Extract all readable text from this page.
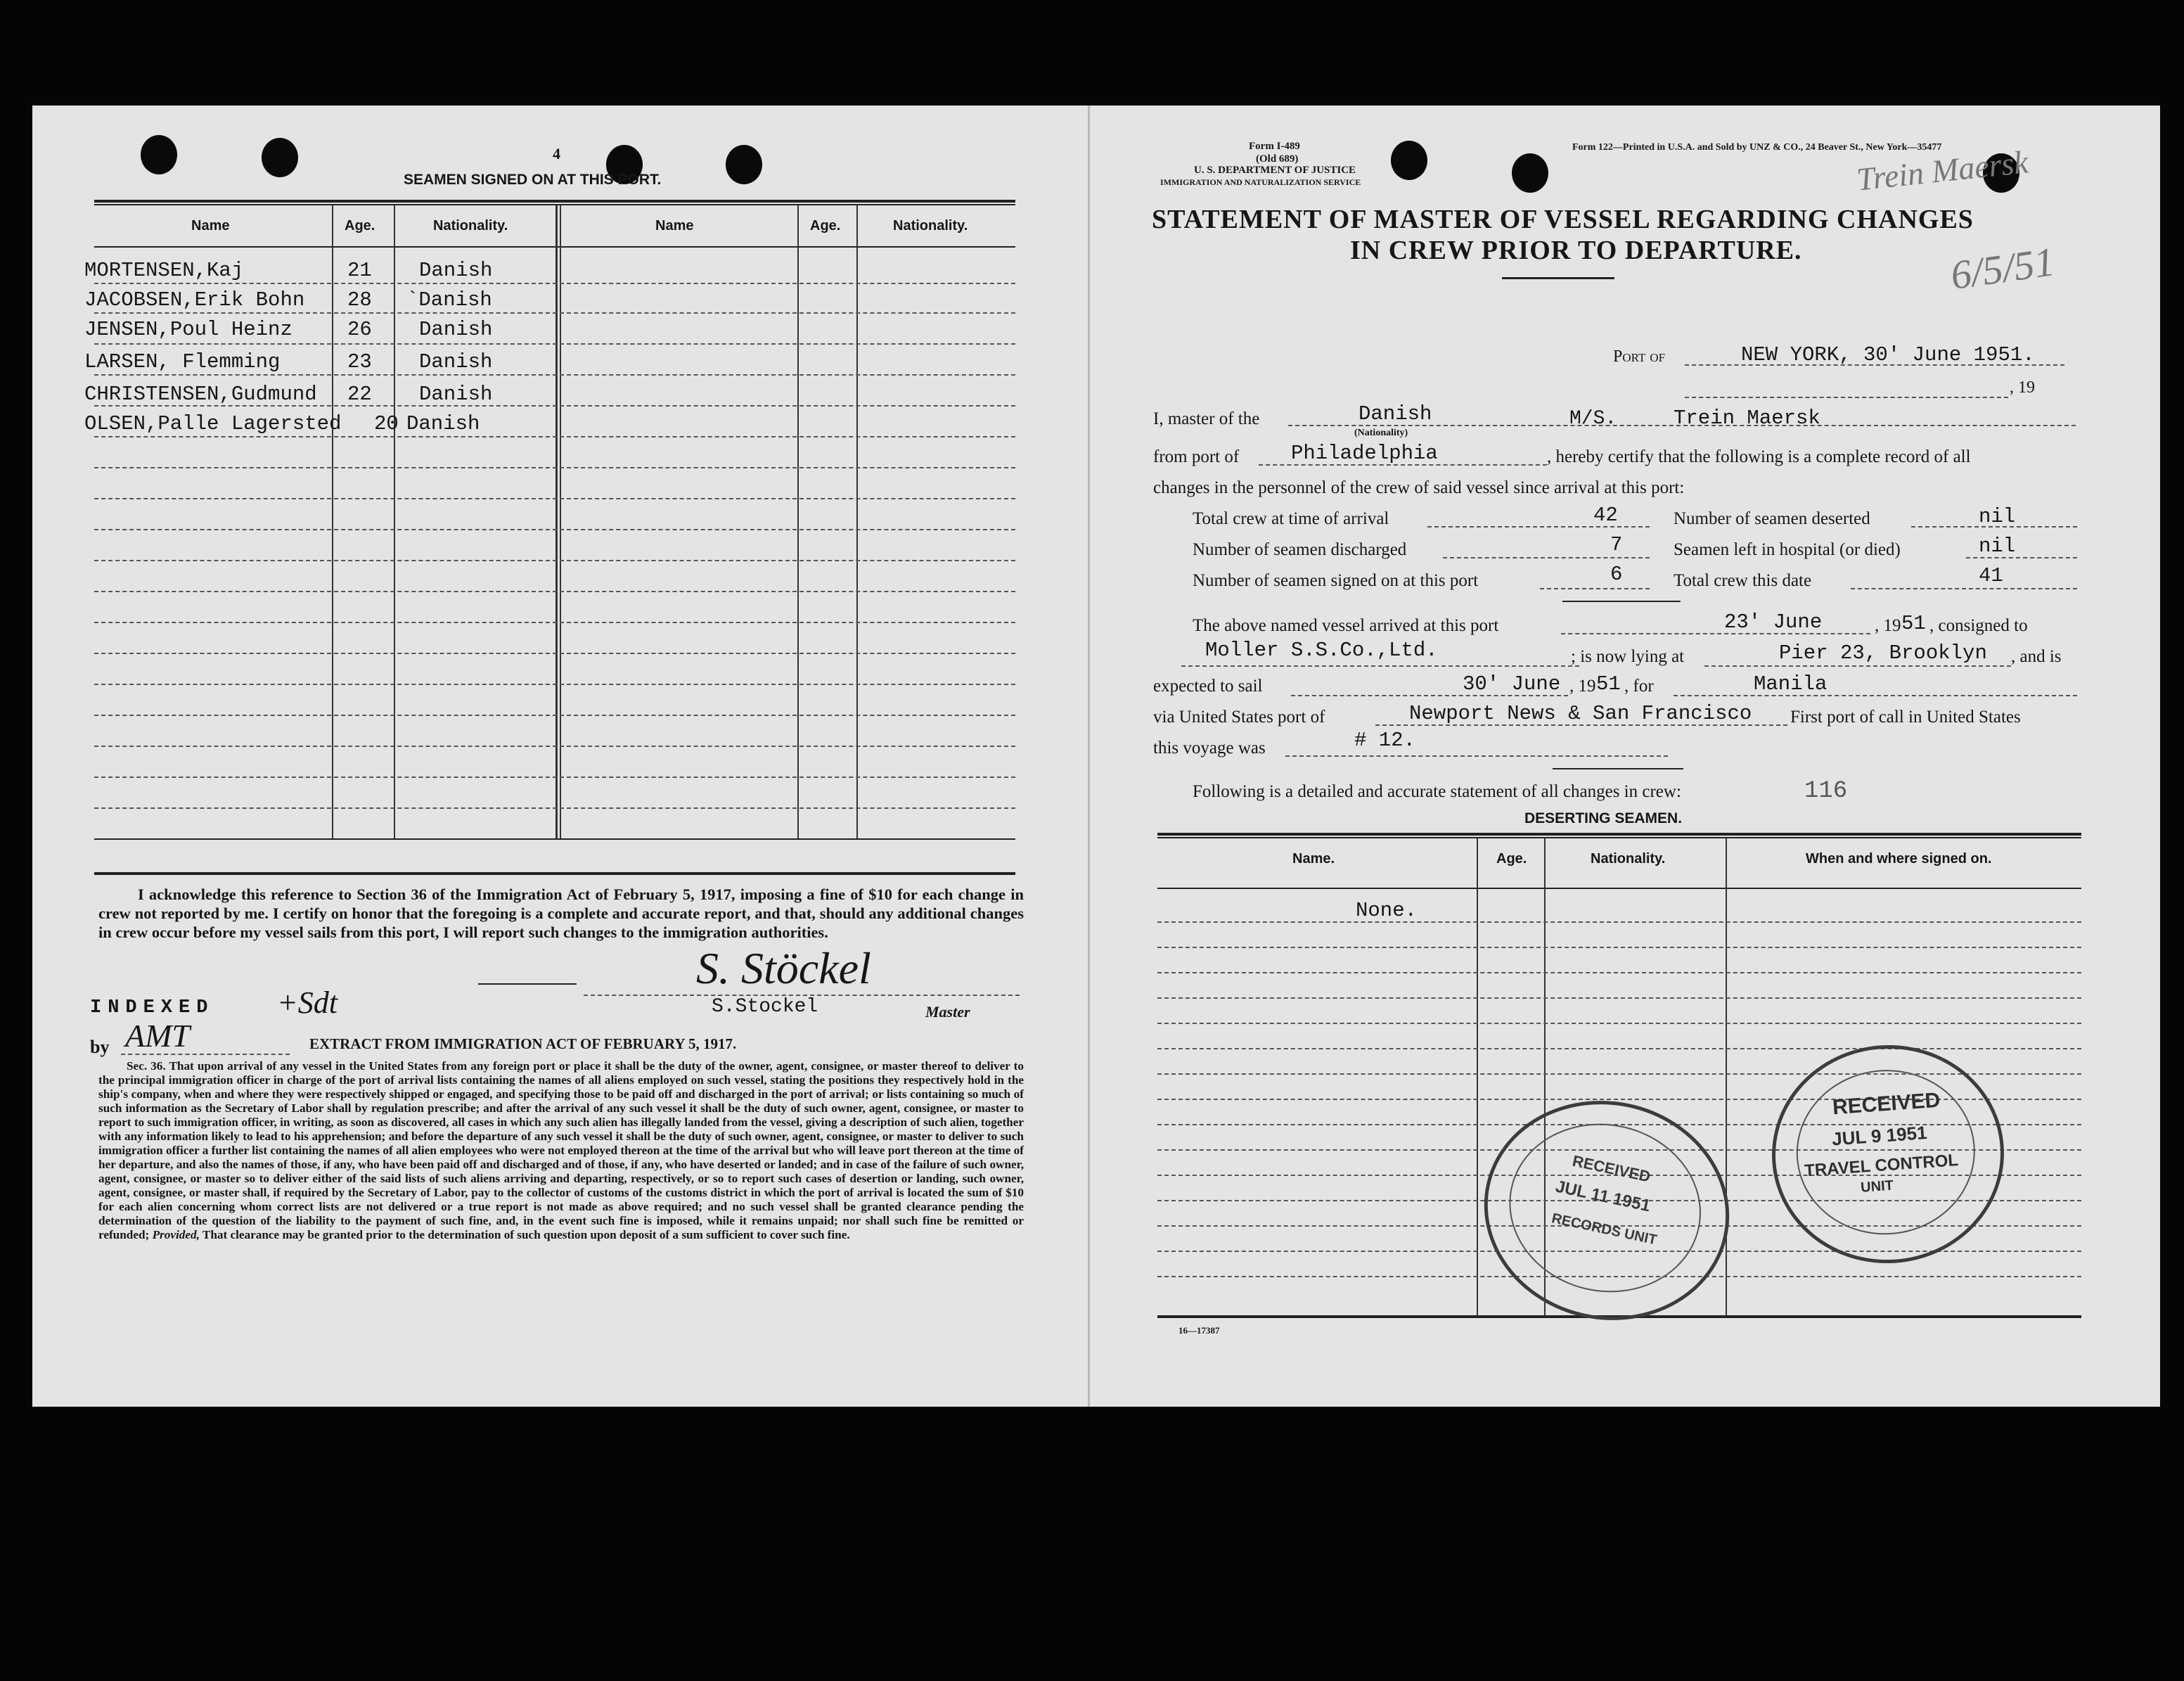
4
SEAMEN SIGNED ON AT THIS PORT.
Name	Age.	Nationality.	Name	Age.	Nationality.
MORTENSEN,Kaj	21 Danish
JACOBSEN,Erik Bohn 28 `Danish
JENSEN,Poul Heinz	26 Danish
LARSEN, Flemming	23 Danish
CHRISTENSEN,Gudmund 22 Danish
OLSEN,Palle Lagersted 20 Danish
I acknowledge this reference to Section 36 of the Immigration Act of February 5, 1917, imposing a fine of $10 for each change in crew not reported by me. I certify on honor that the foregoing is a complete and accurate report, and that, should any additional changes in crew occur before my vessel sails from this port, I will report such changes to the immigration authorities.
INDEXED +Sdt
by AMT
S. Stöckel
S.Stockel	Master
EXTRACT FROM IMMIGRATION ACT OF FEBRUARY 5, 1917.
Sec. 36. That upon arrival of any vessel in the United States from any foreign port or place it shall be the duty of the owner, agent, consignee, or master thereof to deliver to the principal immigration officer in charge of the port of arrival lists containing the names of all aliens employed on such vessel, stating the positions they respectively hold in the ship's company, when and where they were respectively shipped or engaged, and specifying those to be paid off and discharged in the port of arrival; or lists containing so much of such information as the Secretary of Labor shall by regulation prescribe; and after the arrival of any such vessel it shall be the duty of such owner, agent, consignee, or master to report to such immigration officer, in writing, as soon as discovered, all cases in which any such alien has illegally landed from the vessel, giving a description of such alien, together with any information likely to lead to his apprehension; and before the departure of any such vessel it shall be the duty of such owner, agent, consignee, or master to deliver to such immigration officer a further list containing the names of all alien employees who were not employed thereon at the time of the arrival but who will leave port thereon at the time of her departure, and also the names of those, if any, who have been paid off and discharged and of those, if any, who have deserted or landed; and in case of the failure of such owner, agent, consignee, or master so to deliver either of the said lists of such aliens arriving and departing, respectively, or so to report such cases of desertion or landing, such owner, agent, consignee, or master shall, if required by the Secretary of Labor, pay to the collector of customs of the customs district in which the port of arrival is located the sum of $10 for each alien concerning whom correct lists are not delivered or a true report is not made as above required; and no such vessel shall be granted clearance pending the determination of the question of the liability to the payment of such fine, and, in the event such fine is imposed, while it remains unpaid; nor shall such fine be remitted or refunded; Provided, That clearance may be granted prior to the determination of such question upon deposit of a sum sufficient to cover such fine.
Form I-489
(Old 689)
U. S. DEPARTMENT OF JUSTICE
IMMIGRATION AND NATURALIZATION SERVICE
Form 122—Printed in U.S.A. and Sold by UNZ & CO., 24 Beaver St., New York—35477
Trein Maersk
6/5/51
STATEMENT OF MASTER OF VESSEL REGARDING CHANGES
IN CREW PRIOR TO DEPARTURE.
Port of	NEW YORK, 30' June 1951.
, 19
I, master of the	Danish
(Nationality)
M/S.	Trein Maersk
from port of	Philadelphia	, hereby certify that the following is a complete record of all
changes in the personnel of the crew of said vessel since arrival at this port:
Total crew at time of arrival	42
Number of seamen discharged	7
Number of seamen signed on at this port	6
Number of seamen deserted	nil
Seamen left in hospital (or died)	nil
Total crew this date	41
The above named vessel arrived at this port	23' June	, 19 51 , consigned to
Moller S.S.Co.,Ltd.	; is now lying at	Pier 23, Brooklyn , and is
expected to sail	30' June , 19 51 , for	Manila
via United States port of	Newport News & San Francisco First port of call in United States
this voyage was	# 12.
Following is a detailed and accurate statement of all changes in crew:	116
DESERTING SEAMEN.
Name.	Age.	Nationality.	When and where signed on.
None.
16—17387
RECEIVED
JUL 11 1951
RECORDS UNIT
RECEIVED
JUL 9 1951
TRAVEL CONTROL
UNIT
